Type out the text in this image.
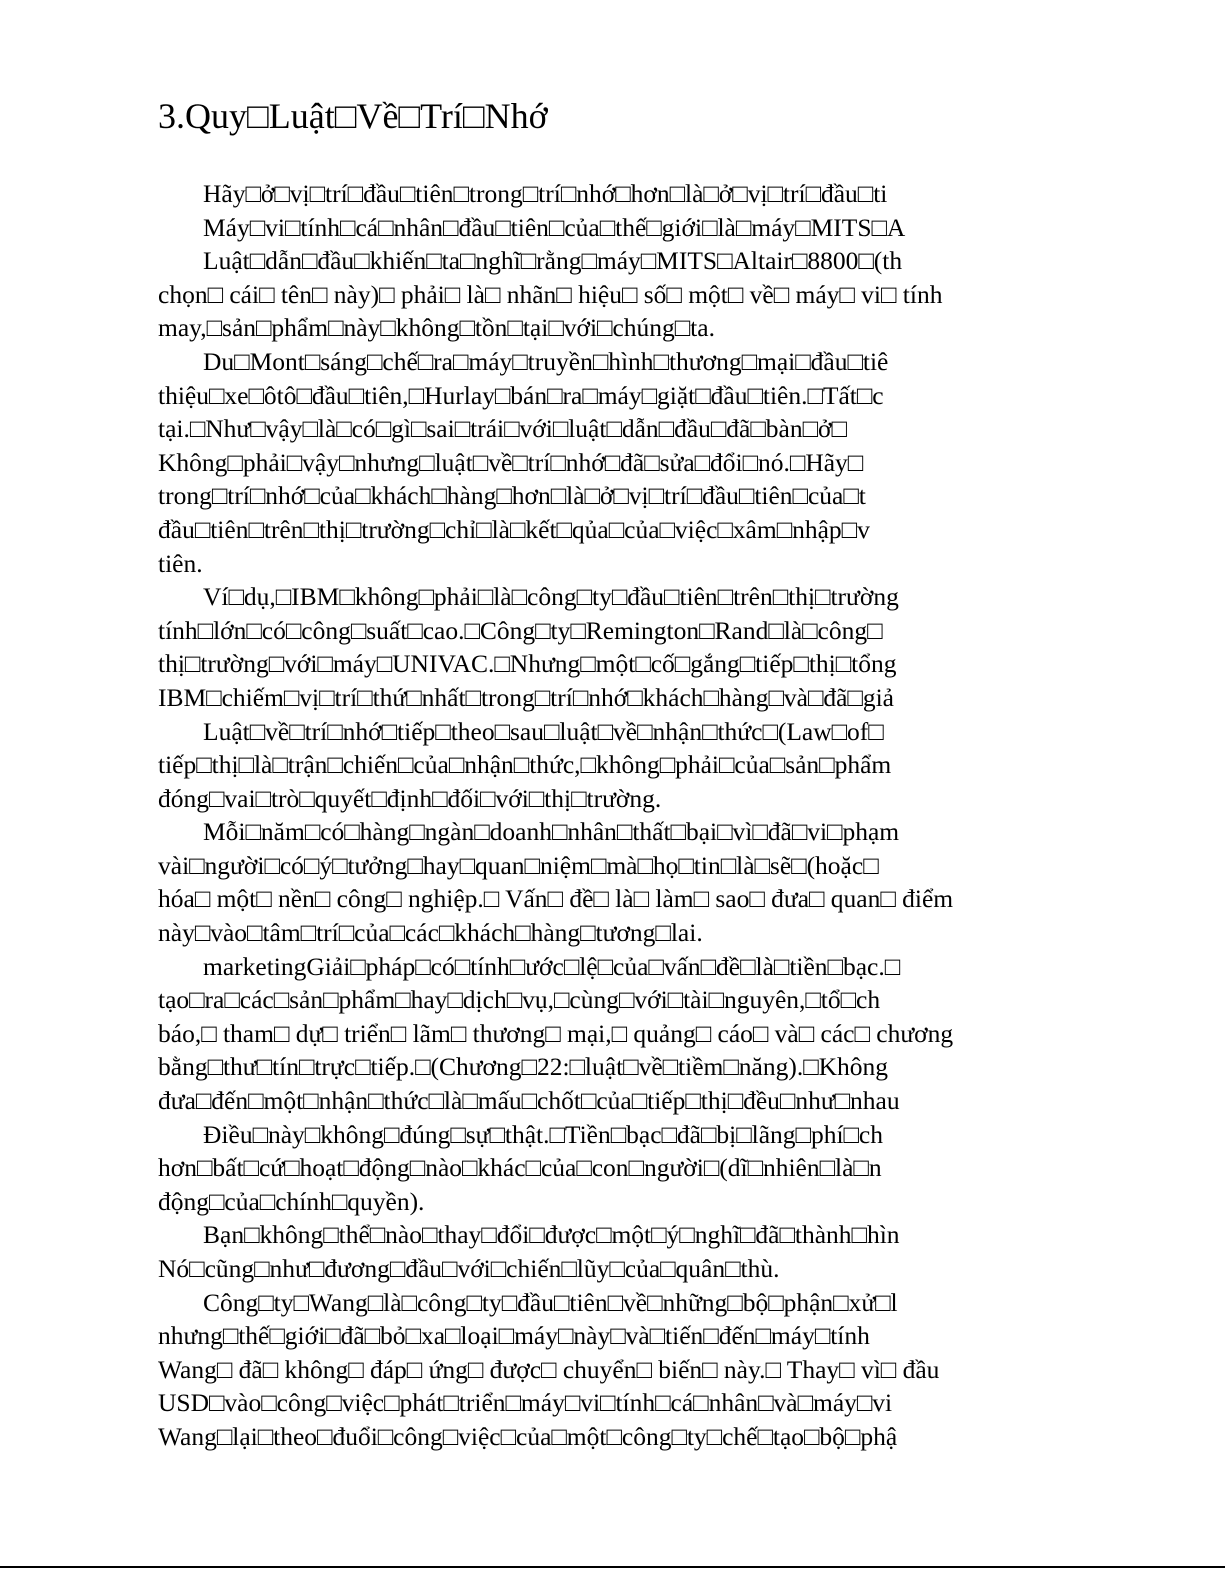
3.Quy□Luật□Về□Trí□Nhớ
Hãy□ở□vị□trí□đầu□tiên□trong□trí□nhớ□hơn□là□ở□vị□trí□đầu□ti
Máy□vi□tính□cá□nhân□đầu□tiên□của□thế□giới□là□máy□MITS□A
Luật□dẫn□đầu□khiến□ta□nghĩ□rằng□máy□MITS□Altair□8800□(th
chọn□ cái□ tên□ này)□ phải□ là□ nhãn□ hiệu□ số□ một□ về□ máy□ vi□ tính
may,□sản□phẩm□này□không□tồn□tại□với□chúng□ta.
Du□Mont□sáng□chế□ra□máy□truyền□hình□thương□mại□đầu□tiê
thiệu□xe□ôtô□đầu□tiên,□Hurlay□bán□ra□máy□giặt□đầu□tiên.□Tất□c
tại.□Như□vậy□là□có□gì□sai□trái□với□luật□dẫn□đầu□đã□bàn□ở□
Không□phải□vậy□nhưng□luật□về□trí□nhớ□đã□sửa□đổi□nó.□Hãy□
trong□trí□nhớ□của□khách□hàng□hơn□là□ở□vị□trí□đầu□tiên□của□t
đầu□tiên□trên□thị□trường□chỉ□là□kết□qủa□của□việc□xâm□nhập□v
tiên.
Ví□dụ,□IBM□không□phải□là□công□ty□đầu□tiên□trên□thị□trường
tính□lớn□có□công□suất□cao.□Công□ty□Remington□Rand□là□công□
thị□trường□với□máy□UNIVAC.□Nhưng□một□cố□gắng□tiếp□thị□tổng
IBM□chiếm□vị□trí□thứ□nhất□trong□trí□nhớ□khách□hàng□và□đã□giả
Luật□về□trí□nhớ□tiếp□theo□sau□luật□về□nhận□thức□(Law□of□
tiếp□thị□là□trận□chiến□của□nhận□thức,□không□phải□của□sản□phẩm
đóng□vai□trò□quyết□định□đối□với□thị□trường.
Mỗi□năm□có□hàng□ngàn□doanh□nhân□thất□bại□vì□đã□vi□phạm
vài□người□có□ý□tưởng□hay□quan□niệm□mà□họ□tin□là□sẽ□(hoặc□
hóa□ một□ nền□ công□ nghiệp.□ Vấn□ đề□ là□ làm□ sao□ đưa□ quan□ điểm
này□vào□tâm□trí□của□các□khách□hàng□tương□lai.
marketingGiải□pháp□có□tính□ước□lệ□của□vấn□đề□là□tiền□bạc.□
tạo□ra□các□sản□phẩm□hay□dịch□vụ,□cùng□với□tài□nguyên,□tổ□ch
báo,□ tham□ dự□ triển□ lãm□ thương□ mại,□ quảng□ cáo□ và□ các□ chương
bằng□thư□tín□trực□tiếp.□(Chương□22:□luật□về□tiềm□năng).□Không
đưa□đến□một□nhận□thức□là□mấu□chốt□của□tiếp□thị□đều□như□nhau
Điều□này□không□đúng□sự□thật.□Tiền□bạc□đã□bị□lãng□phí□ch
hơn□bất□cứ□hoạt□động□nào□khác□của□con□người□(dĩ□nhiên□là□n
động□của□chính□quyền).
Bạn□không□thể□nào□thay□đổi□được□một□ý□nghĩ□đã□thành□hìn
Nó□cũng□như□đương□đầu□với□chiến□lũy□của□quân□thù.
Công□ty□Wang□là□công□ty□đầu□tiên□về□những□bộ□phận□xử□l
nhưng□thế□giới□đã□bỏ□xa□loại□máy□này□và□tiến□đến□máy□tính
Wang□ đã□ không□ đáp□ ứng□ được□ chuyển□ biến□ này.□ Thay□ vì□ đầu
USD□vào□công□việc□phát□triển□máy□vi□tính□cá□nhân□và□máy□vi
Wang□lại□theo□đuổi□công□việc□của□một□công□ty□chế□tạo□bộ□phậ
